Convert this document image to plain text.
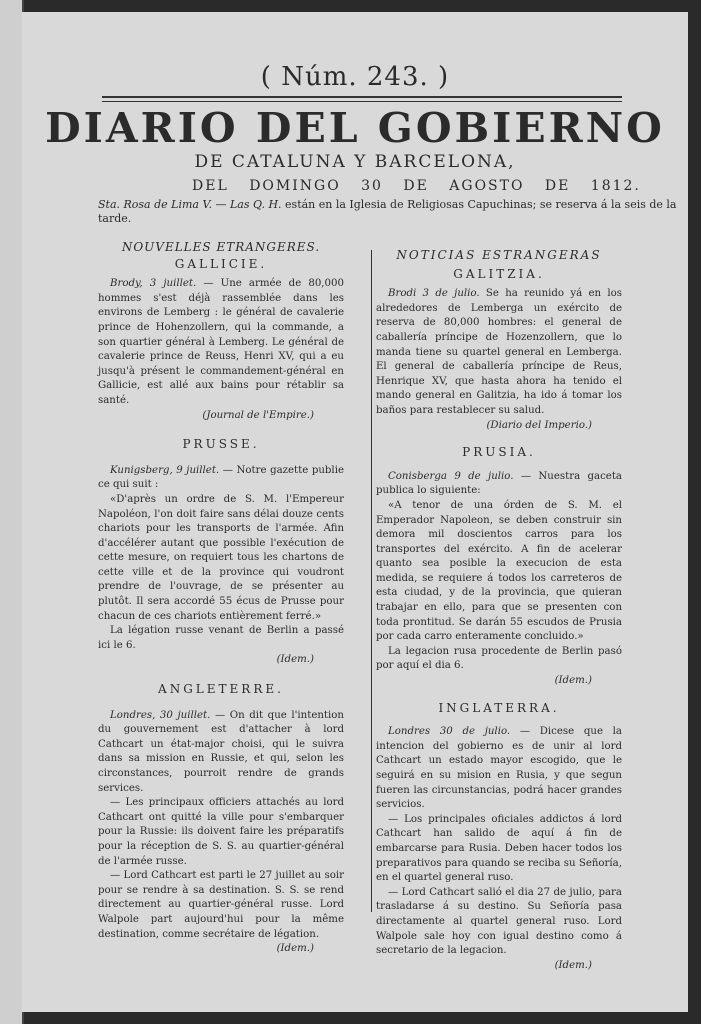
( Núm. 243. )
DIARIO DEL GOBIERNO
DE CATALUNA Y BARCELONA,
DEL DOMINGO 30 DE AGOSTO DE 1812.
Sta. Rosa de Lima V. — Las Q. H. están en la Iglesia de Religiosas Capuchinas; se reserva á la seis de la tarde.
NOUVELLES ETRANGERES.
GALLICIE.

Brody, 3 juillet. — Une armée de 80,000 hommes s'est déjà rassemblée dans les environs de Lemberg : le général de cavalerie prince de Hohenzollern, qui la commande, a son quartier général à Lemberg. Le général de cavalerie prince de Reuss, Henri XV, qui a eu jusqu'à présent le commandement-général en Gallicie, est allé aux bains pour rétablir sa santé.

(Journal de l'Empire.)
PRUSSE.

Kunigsberg, 9 juillet. — Notre gazette publie ce qui suit :

«D'après un ordre de S. M. l'Empereur Napoléon, l'on doit faire sans délai douze cents chariots pour les transports de l'armée. Afin d'accélérer autant que possible l'exécution de cette mesure, on requiert tous les chartons de cette ville et de la province qui voudront prendre de l'ouvrage, de se présenter au plutôt. Il sera accordé 55 écus de Prusse pour chacun de ces chariots entièrement ferré.»

La légation russe venant de Berlin a passé ici le 6.

(Idem.)
ANGLETERRE.

Londres, 30 juillet. — On dit que l'intention du gouvernement est d'attacher à lord Cathcart un état-major choisi, qui le suivra dans sa mission en Russie, et qui, selon les circonstances, pourroit rendre de grands services.

— Les principaux officiers attachés au lord Cathcart ont quitté la ville pour s'embarquer pour la Russie: ils doivent faire les préparatifs pour la réception de S. S. au quartier-général de l'armée russe.

— Lord Cathcart est parti le 27 juillet au soir pour se rendre à sa destination. S. S. se rend directement au quartier-général russe. Lord Walpole part aujourd'hui pour la même destination, comme secrétaire de légation.

(Idem.)
NOTICIAS ESTRANGERAS
GALITZIA.

Brodi 3 de julio. Se ha reunido yá en los alrededores de Lemberga un exército de reserva de 80,000 hombres: el general de caballería príncipe de Hozenzollern, que lo manda tiene su quartel general en Lemberga. El general de caballería príncipe de Reus, Henrique XV, que hasta ahora ha tenido el mando general en Galitzia, ha ido á tomar los baños para restablecer su salud.

(Diario del Imperio.)
PRUSIA.

Conisberga 9 de julio. — Nuestra gaceta publica lo siguiente:

«A tenor de una órden de S. M. el Emperador Napoleon, se deben construir sin demora mil doscientos carros para los transportes del exército. A fin de acelerar quanto sea posible la execucion de esta medida, se requiere á todos los carreteros de esta ciudad, y de la provincia, que quieran trabajar en ello, para que se presenten con toda prontitud. Se darán 55 escudos de Prusia por cada carro enteramente concluido.»

La legacion rusa procedente de Berlin pasó por aquí el dia 6.

(Idem.)
INGLATERRA.

Londres 30 de julio. — Dicese que la intencion del gobierno es de unir al lord Cathcart un estado mayor escogido, que le seguirá en su mision en Rusia, y que segun fueren las circunstancias, podrá hacer grandes servicios.

— Los principales oficiales addictos á lord Cathcart han salido de aquí á fin de embarcarse para Rusia. Deben hacer todos los preparativos para quando se reciba su Señoría, en el quartel general ruso.

— Lord Cathcart salió el dia 27 de julio, para trasladarse á su destino. Su Señoría pasa directamente al quartel general ruso. Lord Walpole sale hoy con igual destino como á secretario de la legacion.

(Idem.)
